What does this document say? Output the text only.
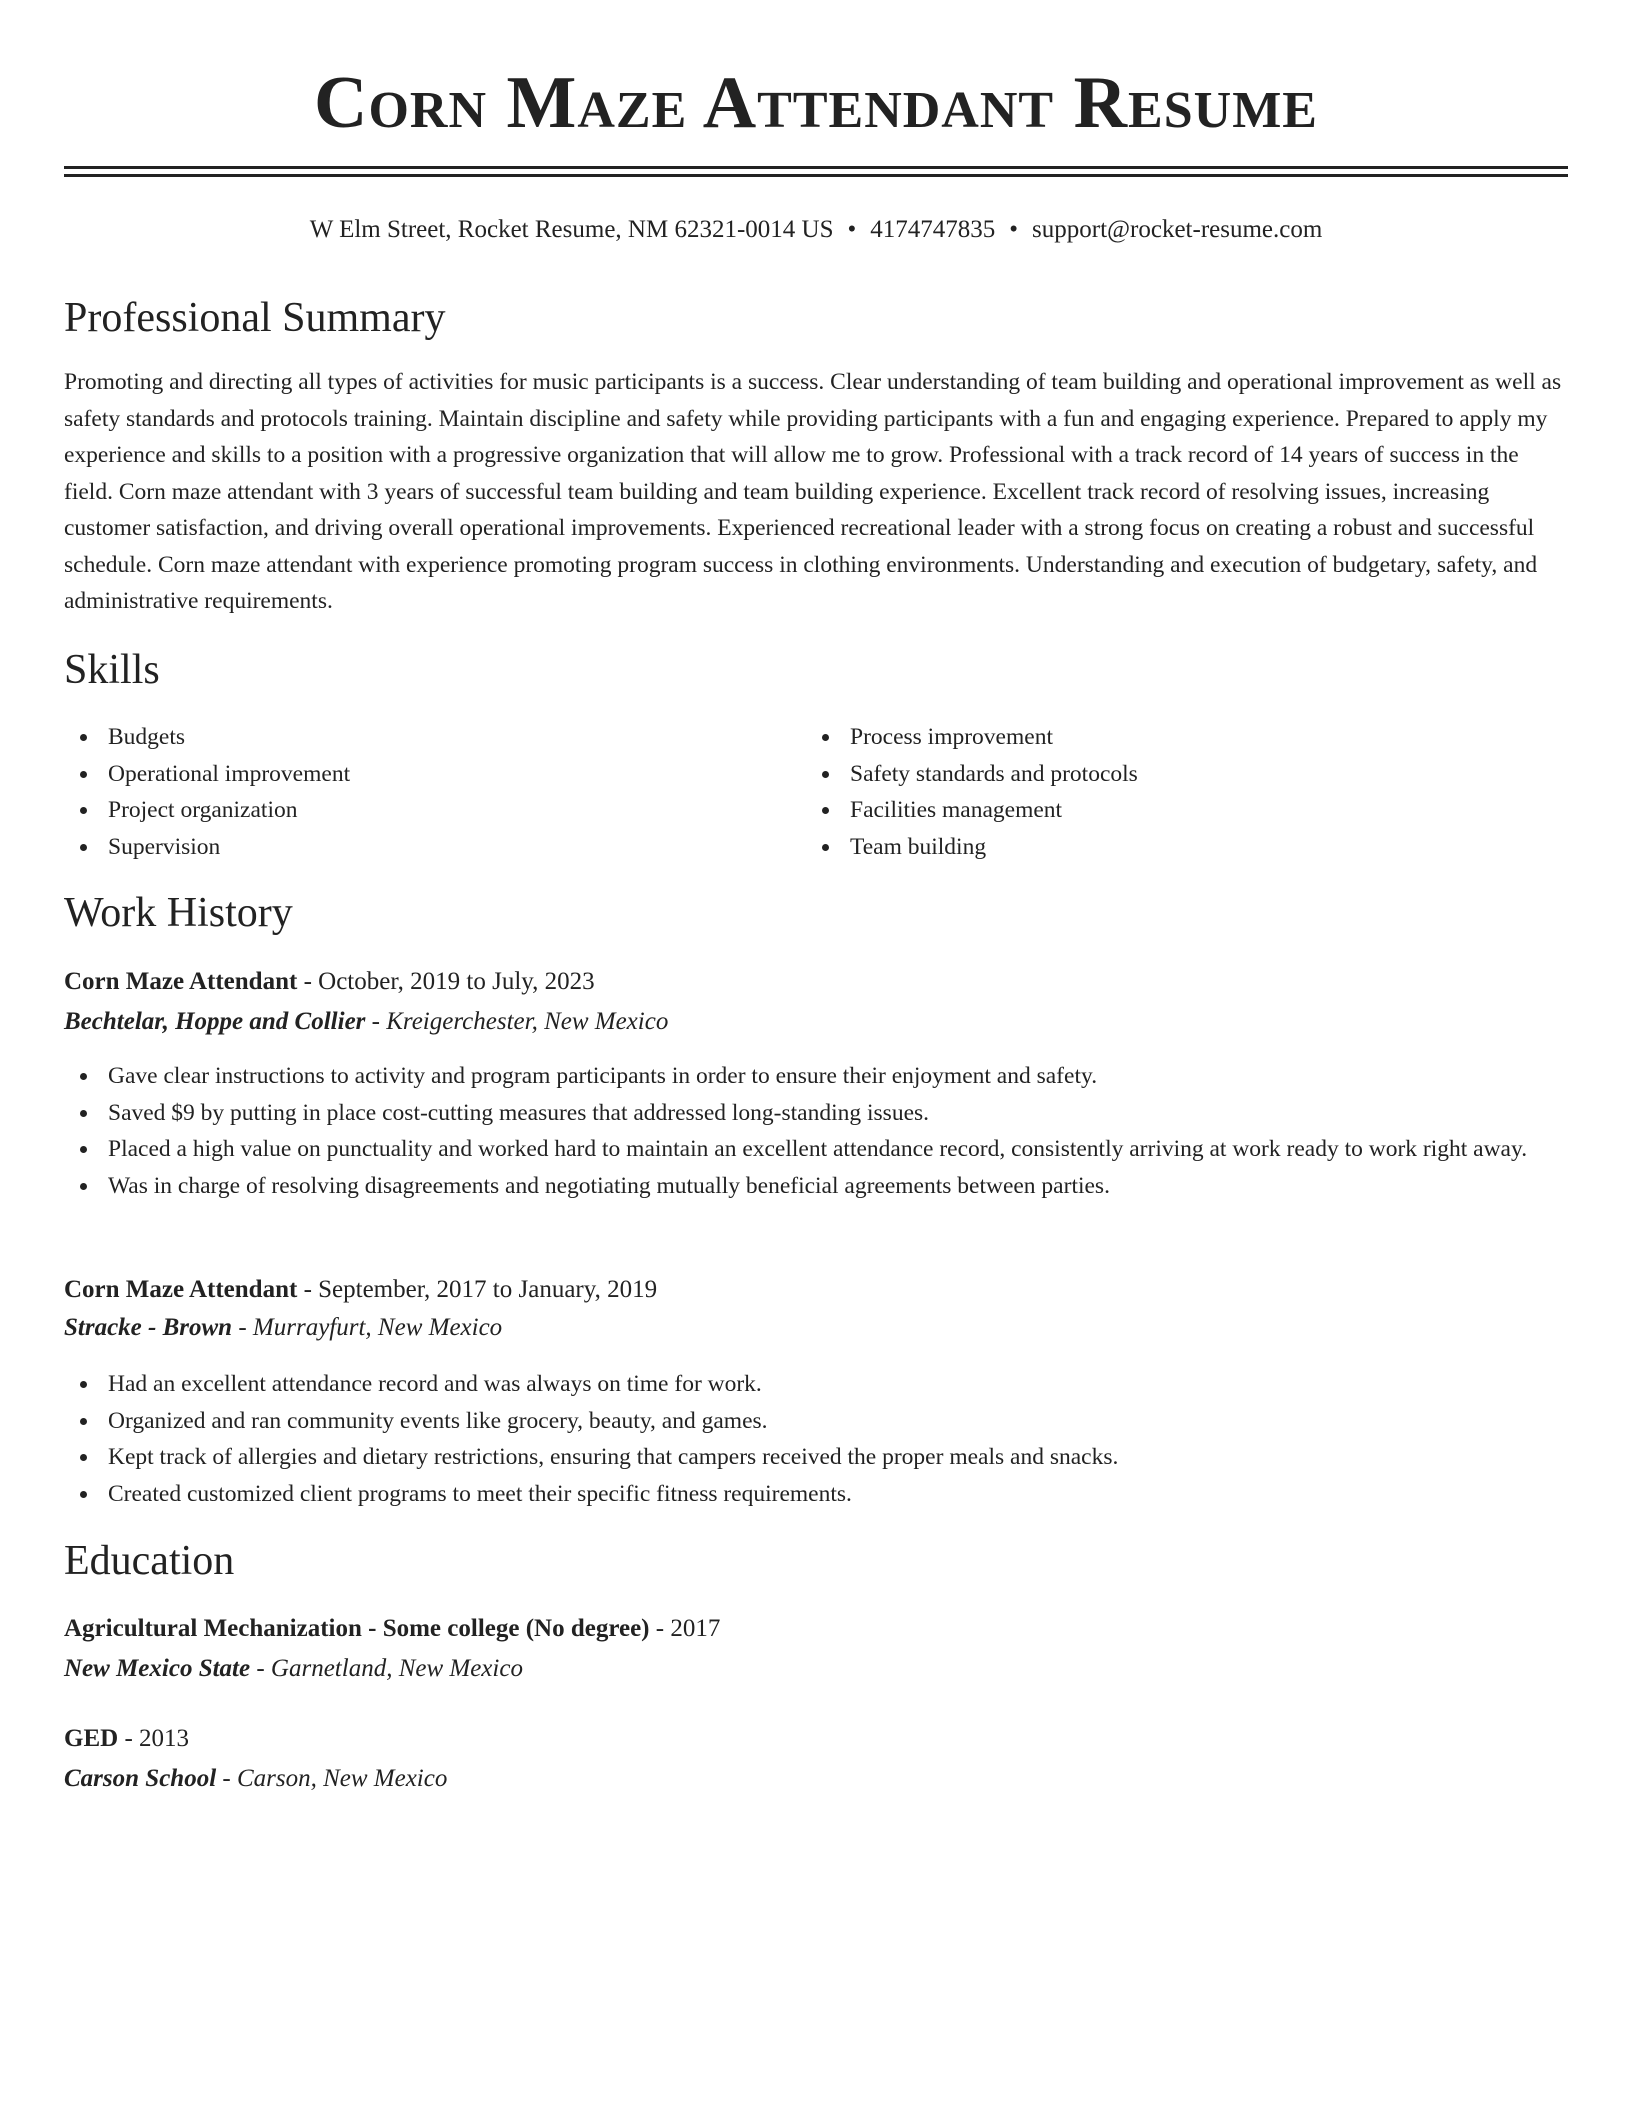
Corn Maze Attendant Resume
W Elm Street, Rocket Resume, NM 62321-0014 US • 4174747835 • support@rocket-resume.com
Professional Summary

Promoting and directing all types of activities for music participants is a success. Clear understanding of team building and operational improvement as well as safety standards and protocols training. Maintain discipline and safety while providing participants with a fun and engaging experience. Prepared to apply my experience and skills to a position with a progressive organization that will allow me to grow. Professional with a track record of 14 years of success in the field. Corn maze attendant with 3 years of successful team building and team building experience. Excellent track record of resolving issues, increasing customer satisfaction, and driving overall operational improvements. Experienced recreational leader with a strong focus on creating a robust and successful schedule. Corn maze attendant with experience promoting program success in clothing environments. Understanding and execution of budgetary, safety, and administrative requirements.

Skills
Budgets
Operational improvement
Project organization
Supervision
Process improvement
Safety standards and protocols
Facilities management
Team building
Work History
Corn Maze Attendant - October, 2019 to July, 2023
Bechtelar, Hoppe and Collier - Kreigerchester, New Mexico
Gave clear instructions to activity and program participants in order to ensure their enjoyment and safety.
Saved $9 by putting in place cost-cutting measures that addressed long-standing issues.
Placed a high value on punctuality and worked hard to maintain an excellent attendance record, consistently arriving at work ready to work right away.
Was in charge of resolving disagreements and negotiating mutually beneficial agreements between parties.
Corn Maze Attendant - September, 2017 to January, 2019
Stracke - Brown - Murrayfurt, New Mexico
Had an excellent attendance record and was always on time for work.
Organized and ran community events like grocery, beauty, and games.
Kept track of allergies and dietary restrictions, ensuring that campers received the proper meals and snacks.
Created customized client programs to meet their specific fitness requirements.
Education
Agricultural Mechanization - Some college (No degree) - 2017
New Mexico State - Garnetland, New Mexico
GED - 2013
Carson School - Carson, New Mexico
